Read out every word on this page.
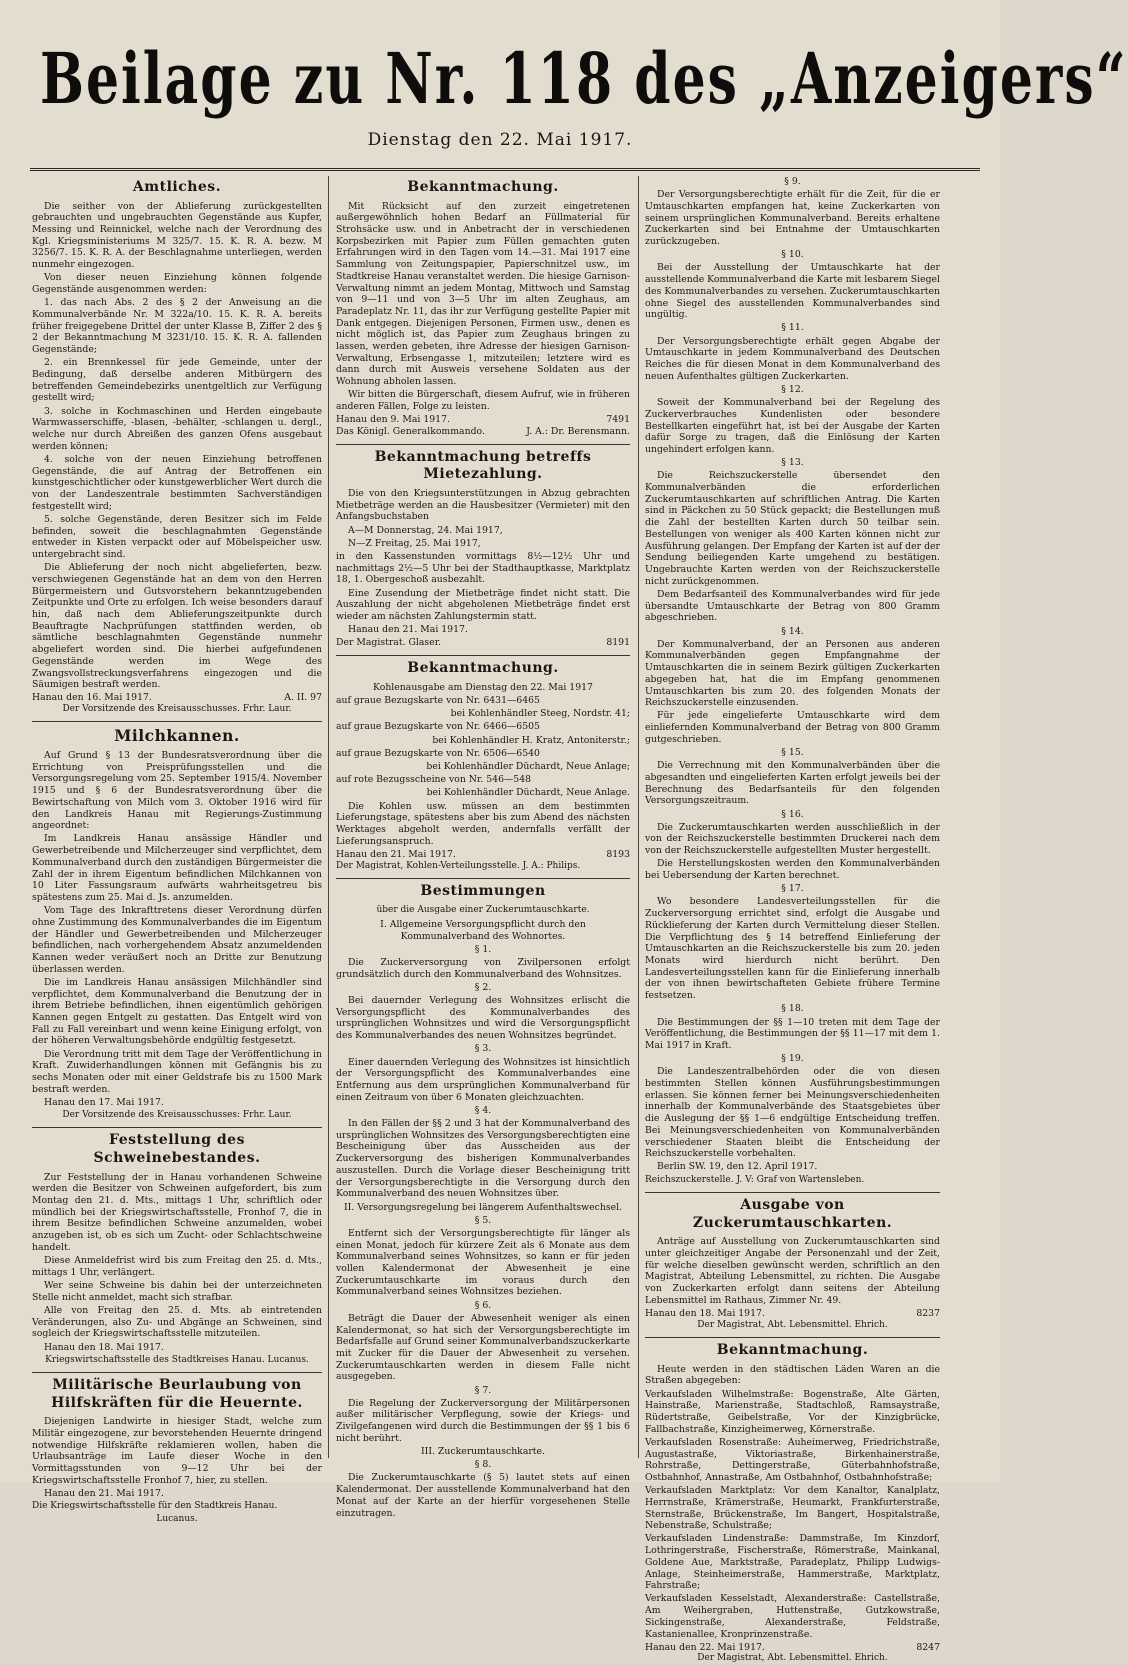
Beilage zu Nr. 118 des „Anzeigers“
Dienstag den 22. Mai 1917.
Amtliches.

Die seither von der Ablieferung zurückgestellten gebrauchten und ungebrauchten Gegenstände aus Kupfer, Messing und Reinnickel, welche nach der Verordnung des Kgl. Kriegsministeriums M 325/7. 15. K. R. A. bezw. M 3256/7. 15. K. R. A. der Beschlagnahme unterliegen, werden nunmehr eingezogen.

Von dieser neuen Einziehung können folgende Gegenstände ausgenommen werden:

1. das nach Abs. 2 des § 2 der Anweisung an die Kommunalverbände Nr. M 322a/10. 15. K. R. A. bereits früher freigegebene Drittel der unter Klasse B, Ziffer 2 des § 2 der Bekanntmachung M 3231/10. 15. K. R. A. fallenden Gegenstände;

2. ein Brennkessel für jede Gemeinde, unter der Bedingung, daß derselbe anderen Mitbürgern des betreffenden Gemeindebezirks unentgeltlich zur Verfügung gestellt wird;

3. solche in Kochmaschinen und Herden eingebaute Warmwasserschiffe, -blasen, -behälter, -schlangen u. dergl., welche nur durch Abreißen des ganzen Ofens ausgebaut werden können;

4. solche von der neuen Einziehung betroffenen Gegenstände, die auf Antrag der Betroffenen ein kunstgeschichtlicher oder kunstgewerblicher Wert durch die von der Landeszentrale bestimmten Sachverständigen festgestellt wird;

5. solche Gegenstände, deren Besitzer sich im Felde befinden, soweit die beschlagnahmten Gegenstände entweder in Kisten verpackt oder auf Möbelspeicher usw. untergebracht sind.

Die Ablieferung der noch nicht abgelieferten, bezw. verschwiegenen Gegenstände hat an dem von den Herren Bürgermeistern und Gutsvorstehern bekanntzugebenden Zeitpunkte und Orte zu erfolgen. Ich weise besonders darauf hin, daß nach dem Ablieferungszeitpunkte durch Beauftragte Nachprüfungen stattfinden werden, ob sämtliche beschlagnahmten Gegenstände nunmehr abgeliefert worden sind. Die hierbei aufgefundenen Gegenstände werden im Wege des Zwangsvollstreckungsverfahrens eingezogen und die Säumigen bestraft werden.

Hanau den 16. Mai 1917.	A. II. 97

Der Vorsitzende des Kreisausschusses. Frhr. Laur.

Milchkannen.

Auf Grund § 13 der Bundesratsverordnung über die Errichtung von Preisprüfungsstellen und die Versorgungsregelung vom 25. September 1915/4. November 1915 und § 6 der Bundesratsverordnung über die Bewirtschaftung von Milch vom 3. Oktober 1916 wird für den Landkreis Hanau mit Regierungs-Zustimmung angeordnet:

Im Landkreis Hanau ansässige Händler und Gewerbetreibende und Milcherzeuger sind verpflichtet, dem Kommunalverband durch den zuständigen Bürgermeister die Zahl der in ihrem Eigentum befindlichen Milchkannen von 10 Liter Fassungsraum aufwärts wahrheitsgetreu bis spätestens zum 25. Mai d. Js. anzumelden.

Vom Tage des Inkrafttretens dieser Verordnung dürfen ohne Zustimmung des Kommunalverbandes die im Eigentum der Händler und Gewerbetreibenden und Milcherzeuger befindlichen, nach vorhergehendem Absatz anzumeldenden Kannen weder veräußert noch an Dritte zur Benutzung überlassen werden.

Die im Landkreis Hanau ansässigen Milchhändler sind verpflichtet, dem Kommunalverband die Benutzung der in ihrem Betriebe befindlichen, ihnen eigentümlich gehörigen Kannen gegen Entgelt zu gestatten. Das Entgelt wird von Fall zu Fall vereinbart und wenn keine Einigung erfolgt, von der höheren Verwaltungsbehörde endgültig festgesetzt.

Die Verordnung tritt mit dem Tage der Veröffentlichung in Kraft. Zuwiderhandlungen können mit Gefängnis bis zu sechs Monaten oder mit einer Geldstrafe bis zu 1500 Mark bestraft werden.

Hanau den 17. Mai 1917.

Der Vorsitzende des Kreisausschusses: Frhr. Laur.

Feststellung des Schweinebestandes.

Zur Feststellung der in Hanau vorhandenen Schweine werden die Besitzer von Schweinen aufgefordert, bis zum Montag den 21. d. Mts., mittags 1 Uhr, schriftlich oder mündlich bei der Kriegswirtschaftsstelle, Fronhof 7, die in ihrem Besitze befindlichen Schweine anzumelden, wobei anzugeben ist, ob es sich um Zucht- oder Schlachtschweine handelt.

Diese Anmeldefrist wird bis zum Freitag den 25. d. Mts., mittags 1 Uhr, verlängert.

Wer seine Schweine bis dahin bei der unterzeichneten Stelle nicht anmeldet, macht sich strafbar.

Alle von Freitag den 25. d. Mts. ab eintretenden Veränderungen, also Zu- und Abgänge an Schweinen, sind sogleich der Kriegswirtschaftsstelle mitzuteilen.

Hanau den 18. Mai 1917.

Kriegswirtschaftsstelle des Stadtkreises Hanau. Lucanus.

Militärische Beurlaubung von Hilfskräften für die Heuernte.

Diejenigen Landwirte in hiesiger Stadt, welche zum Militär eingezogene, zur bevorstehenden Heuernte dringend notwendige Hilfskräfte reklamieren wollen, haben die Urlaubsanträge im Laufe dieser Woche in den Vormittagsstunden von 9—12 Uhr bei der Kriegswirtschaftsstelle Fronhof 7, hier, zu stellen.

Hanau den 21. Mai 1917.

Die Kriegswirtschaftsstelle für den Stadtkreis Hanau.

Lucanus.

Bekanntmachung.

Mit Rücksicht auf den zurzeit eingetretenen außergewöhnlich hohen Bedarf an Füllmaterial für Strohsäcke usw. und in Anbetracht der in verschiedenen Korpsbezirken mit Papier zum Füllen gemachten guten Erfahrungen wird in den Tagen vom 14.—31. Mai 1917 eine Sammlung von Zeitungspapier, Papierschnitzel usw., im Stadtkreise Hanau veranstaltet werden. Die hiesige Garnison-Verwaltung nimmt an jedem Montag, Mittwoch und Samstag von 9—11 und von 3—5 Uhr im alten Zeughaus, am Paradeplatz Nr. 11, das ihr zur Verfügung gestellte Papier mit Dank entgegen. Diejenigen Personen, Firmen usw., denen es nicht möglich ist, das Papier zum Zeughaus bringen zu lassen, werden gebeten, ihre Adresse der hiesigen Garnison-Verwaltung, Erbsengasse 1, mitzuteilen; letztere wird es dann durch mit Ausweis versehene Soldaten aus der Wohnung abholen lassen.

Wir bitten die Bürgerschaft, diesem Aufruf, wie in früheren anderen Fällen, Folge zu leisten.

Hanau den 9. Mai 1917.	7491
Das Königl. Generalkommando.	J. A.: Dr. Berensmann.
Bekanntmachung betreffs Mietezahlung.

Die von den Kriegsunterstützungen in Abzug gebrachten Mietbeträge werden an die Hausbesitzer (Vermieter) mit den Anfangsbuchstaben

A—M Donnerstag, 24. Mai 1917,

N—Z Freitag, 25. Mai 1917,

in den Kassenstunden vormittags 8½—12½ Uhr und nachmittags 2½—5 Uhr bei der Stadthauptkasse, Marktplatz 18, 1. Obergeschoß ausbezahlt.

Eine Zusendung der Mietbeträge findet nicht statt. Die Auszahlung der nicht abgeholenen Mietbeträge findet erst wieder am nächsten Zahlungstermin statt.

Hanau den 21. Mai 1917.

Der Magistrat. Glaser.	8191
Bekanntmachung.

Kohlenausgabe am Dienstag den 22. Mai 1917

auf graue Bezugskarte von Nr. 6431—6465

bei Kohlenhändler Steeg, Nordstr. 41;

auf graue Bezugskarte von Nr. 6466—6505

bei Kohlenhändler H. Kratz, Antoniterstr.;

auf graue Bezugskarte von Nr. 6506—6540

bei Kohlenhändler Düchardt, Neue Anlage;

auf rote Bezugsscheine von Nr. 546—548

bei Kohlenhändler Düchardt, Neue Anlage.

Die Kohlen usw. müssen an dem bestimmten Lieferungstage, spätestens aber bis zum Abend des nächsten Werktages abgeholt werden, andernfalls verfällt der Lieferungsanspruch.

Hanau den 21. Mai 1917.	8193

Der Magistrat, Kohlen-Verteilungsstelle. J. A.: Philips.

Bestimmungen
über die Ausgabe einer Zuckerumtauschkarte.

I. Allgemeine Versorgungspflicht durch den Kommunalverband des Wohnortes.

§ 1.

Die Zuckerversorgung von Zivilpersonen erfolgt grundsätzlich durch den Kommunalverband des Wohnsitzes.

§ 2.

Bei dauernder Verlegung des Wohnsitzes erlischt die Versorgungspflicht des Kommunalverbandes des ursprünglichen Wohnsitzes und wird die Versorgungspflicht des Kommunalverbandes des neuen Wohnsitzes begründet.

§ 3.

Einer dauernden Verlegung des Wohnsitzes ist hinsichtlich der Versorgungspflicht des Kommunalverbandes eine Entfernung aus dem ursprünglichen Kommunalverband für einen Zeitraum von über 6 Monaten gleichzuachten.

§ 4.

In den Fällen der §§ 2 und 3 hat der Kommunalverband des ursprünglichen Wohnsitzes des Versorgungsberechtigten eine Bescheinigung über das Ausscheiden aus der Zuckerversorgung des bisherigen Kommunalverbandes auszustellen. Durch die Vorlage dieser Bescheinigung tritt der Versorgungsberechtigte in die Versorgung durch den Kommunalverband des neuen Wohnsitzes über.

II. Versorgungsregelung bei längerem Aufenthaltswechsel.

§ 5.

Entfernt sich der Versorgungsberechtigte für länger als einen Monat, jedoch für kürzere Zeit als 6 Monate aus dem Kommunalverband seines Wohnsitzes, so kann er für jeden vollen Kalendermonat der Abwesenheit je eine Zuckerumtauschkarte im voraus durch den Kommunalverband seines Wohnsitzes beziehen.

§ 6.

Beträgt die Dauer der Abwesenheit weniger als einen Kalendermonat, so hat sich der Versorgungsberechtigte im Bedarfsfalle auf Grund seiner Kommunalverbandszuckerkarte mit Zucker für die Dauer der Abwesenheit zu versehen. Zuckerumtauschkarten werden in diesem Falle nicht ausgegeben.

§ 7.

Die Regelung der Zuckerversorgung der Militärpersonen außer militärischer Verpflegung, sowie der Kriegs- und Zivilgefangenen wird durch die Bestimmungen der §§ 1 bis 6 nicht berührt.

III. Zuckerumtauschkarte.

§ 8.

Die Zuckerumtauschkarte (§ 5) lautet stets auf einen Kalendermonat. Der ausstellende Kommunalverband hat den Monat auf der Karte an der hierfür vorgesehenen Stelle einzutragen.

§ 9.

Der Versorgungsberechtigte erhält für die Zeit, für die er Umtauschkarten empfangen hat, keine Zuckerkarten von seinem ursprünglichen Kommunalverband. Bereits erhaltene Zuckerkarten sind bei Entnahme der Umtauschkarten zurückzugeben.

§ 10.

Bei der Ausstellung der Umtauschkarte hat der ausstellende Kommunalverband die Karte mit lesbarem Siegel des Kommunalverbandes zu versehen. Zuckerumtauschkarten ohne Siegel des ausstellenden Kommunalverbandes sind ungültig.

§ 11.

Der Versorgungsberechtigte erhält gegen Abgabe der Umtauschkarte in jedem Kommunalverband des Deutschen Reiches die für diesen Monat in dem Kommunalverband des neuen Aufenthaltes gültigen Zuckerkarten.

§ 12.

Soweit der Kommunalverband bei der Regelung des Zuckerverbrauches Kundenlisten oder besondere Bestellkarten eingeführt hat, ist bei der Ausgabe der Karten dafür Sorge zu tragen, daß die Einlösung der Karten ungehindert erfolgen kann.

§ 13.

Die Reichszuckerstelle übersendet den Kommunalverbänden die erforderlichen Zuckerumtauschkarten auf schriftlichen Antrag. Die Karten sind in Päckchen zu 50 Stück gepackt; die Bestellungen muß die Zahl der bestellten Karten durch 50 teilbar sein. Bestellungen von weniger als 400 Karten können nicht zur Ausführung gelangen. Der Empfang der Karten ist auf der der Sendung beiliegenden Karte umgehend zu bestätigen. Ungebrauchte Karten werden von der Reichszuckerstelle nicht zurückgenommen.

Dem Bedarfsanteil des Kommunalverbandes wird für jede übersandte Umtauschkarte der Betrag von 800 Gramm abgeschrieben.

§ 14.

Der Kommunalverband, der an Personen aus anderen Kommunalverbänden gegen Empfangnahme der Umtauschkarten die in seinem Bezirk gültigen Zuckerkarten abgegeben hat, hat die im Empfang genommenen Umtauschkarten bis zum 20. des folgenden Monats der Reichszuckerstelle einzusenden.

Für jede eingelieferte Umtauschkarte wird dem einliefernden Kommunalverband der Betrag von 800 Gramm gutgeschrieben.

§ 15.

Die Verrechnung mit den Kommunalverbänden über die abgesandten und eingelieferten Karten erfolgt jeweils bei der Berechnung des Bedarfsanteils für den folgenden Versorgungszeitraum.

§ 16.

Die Zuckerumtauschkarten werden ausschließlich in der von der Reichszuckerstelle bestimmten Druckerei nach dem von der Reichszuckerstelle aufgestellten Muster hergestellt.

Die Herstellungskosten werden den Kommunalverbänden bei Uebersendung der Karten berechnet.

§ 17.

Wo besondere Landesverteilungsstellen für die Zuckerversorgung errichtet sind, erfolgt die Ausgabe und Rücklieferung der Karten durch Vermittelung dieser Stellen. Die Verpflichtung des § 14 betreffend Einlieferung der Umtauschkarten an die Reichszuckerstelle bis zum 20. jeden Monats wird hierdurch nicht berührt. Den Landesverteilungsstellen kann für die Einlieferung innerhalb der von ihnen bewirtschafteten Gebiete frühere Termine festsetzen.

§ 18.

Die Bestimmungen der §§ 1—10 treten mit dem Tage der Veröffentlichung, die Bestimmungen der §§ 11—17 mit dem 1. Mai 1917 in Kraft.

§ 19.

Die Landeszentralbehörden oder die von diesen bestimmten Stellen können Ausführungsbestimmungen erlassen. Sie können ferner bei Meinungsverschiedenheiten innerhalb der Kommunalverbände des Staatsgebietes über die Auslegung der §§ 1—6 endgültige Entscheidung treffen. Bei Meinungsverschiedenheiten von Kommunalverbänden verschiedener Staaten bleibt die Entscheidung der Reichszuckerstelle vorbehalten.

Berlin SW. 19, den 12. April 1917.

Reichszuckerstelle. J. V: Graf von Wartensleben.

Ausgabe von Zuckerumtauschkarten.

Anträge auf Ausstellung von Zuckerumtauschkarten sind unter gleichzeitiger Angabe der Personenzahl und der Zeit, für welche dieselben gewünscht werden, schriftlich an den Magistrat, Abteilung Lebensmittel, zu richten. Die Ausgabe von Zuckerkarten erfolgt dann seitens der Abteilung Lebensmittel im Rathaus, Zimmer Nr. 49.

Hanau den 18. Mai 1917.	8237

Der Magistrat, Abt. Lebensmittel. Ehrich.

Bekanntmachung.

Heute werden in den städtischen Läden Waren an die Straßen abgegeben:

Verkaufsladen Wilhelmstraße: Bogenstraße, Alte Gärten, Hainstraße, Marienstraße, Stadtschloß, Ramsaystraße, Rüdertstraße, Geibelstraße, Vor der Kinzigbrücke, Fallbachstraße, Kinzigheimerweg, Körnerstraße.

Verkaufsladen Rosenstraße: Auheimerweg, Friedrichstraße, Augustastraße, Viktoriastraße, Birkenhainerstraße, Rohrstraße, Dettingerstraße, Güterbahnhofstraße, Ostbahnhof, Annastraße, Am Ostbahnhof, Ostbahnhofstraße;

Verkaufsladen Marktplatz: Vor dem Kanaltor, Kanalplatz, Herrnstraße, Krämerstraße, Heumarkt, Frankfurterstraße, Sternstraße, Brückenstraße, Im Bangert, Hospitalstraße, Nebenstraße, Schulstraße;

Verkaufsladen Lindenstraße: Dammstraße, Im Kinzdorf, Lothringerstraße, Fischerstraße, Römerstraße, Mainkanal, Goldene Aue, Marktstraße, Paradeplatz, Philipp Ludwigs-Anlage, Steinheimerstraße, Hammerstraße, Marktplatz, Fahrstraße;

Verkaufsladen Kesselstadt, Alexanderstraße: Castellstraße, Am Weihergraben, Huttenstraße, Gutzkowstraße, Sickingenstraße, Alexanderstraße, Feldstraße, Kastanienallee, Kronprinzenstraße.

Hanau den 22. Mai 1917.	8247

Der Magistrat, Abt. Lebensmittel. Ehrich.
